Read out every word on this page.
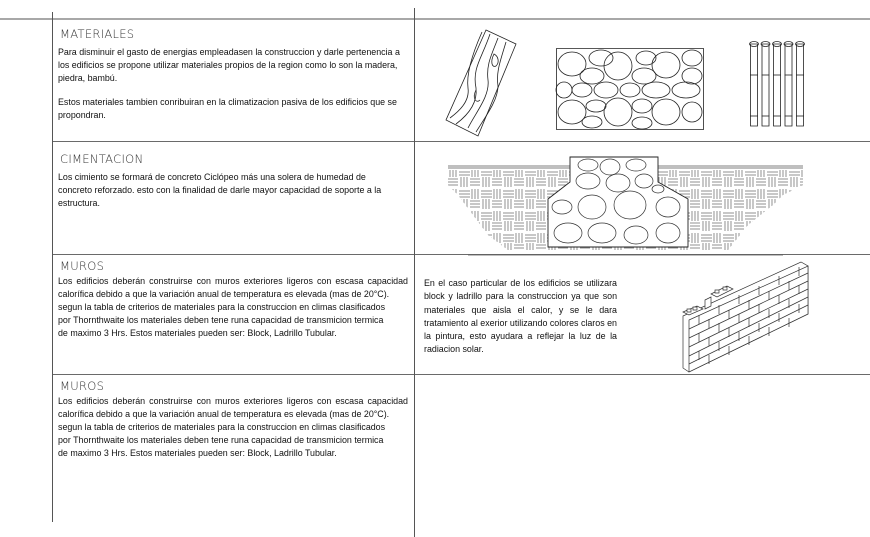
MATERIALES

Para disminuir el gasto de energias empleadasen la construccion y darle pertenencia a los edificios se propone utilizar materiales propios de la region como lo son la madera, piedra, bambú.

Estos materiales tambien conribuiran en la climatizacion pasiva de los edificios que se propondran.

CIMENTACION

Los cimiento se formará de concreto Ciclópeo más una solera de humedad de concreto reforzado. esto con la finalidad de darle mayor capacidad de soporte a la estructura.

MUROS

Los edificios deberán construirse con muros exteriores ligeros con escasa capacidad calorífica debido a que la variación anual de temperatura es elevada (mas de 20°C).

segun la tabla de criterios de materiales para la construccion en climas clasificados por Thornthwaite los materiales deben tene runa capacidad de transmicion termica de maximo 3 Hrs. Estos materiales pueden ser: Block, Ladrillo Tubular.

En el caso particular de los edificios se utilizara block y ladrillo para la construccion ya que son materiales que aisla el calor, y se le dara tratamiento al exerior utilizando colores claros en la pintura, esto ayudara a reflejar la luz de la radiacion solar.
MUROS

Los edificios deberán construirse con muros exteriores ligeros con escasa capacidad calorífica debido a que la variación anual de temperatura es elevada (mas de 20°C).

segun la tabla de criterios de materiales para la construccion en climas clasificados por Thornthwaite los materiales deben tene runa capacidad de transmicion termica de maximo 3 Hrs. Estos materiales pueden ser: Block, Ladrillo Tubular.
